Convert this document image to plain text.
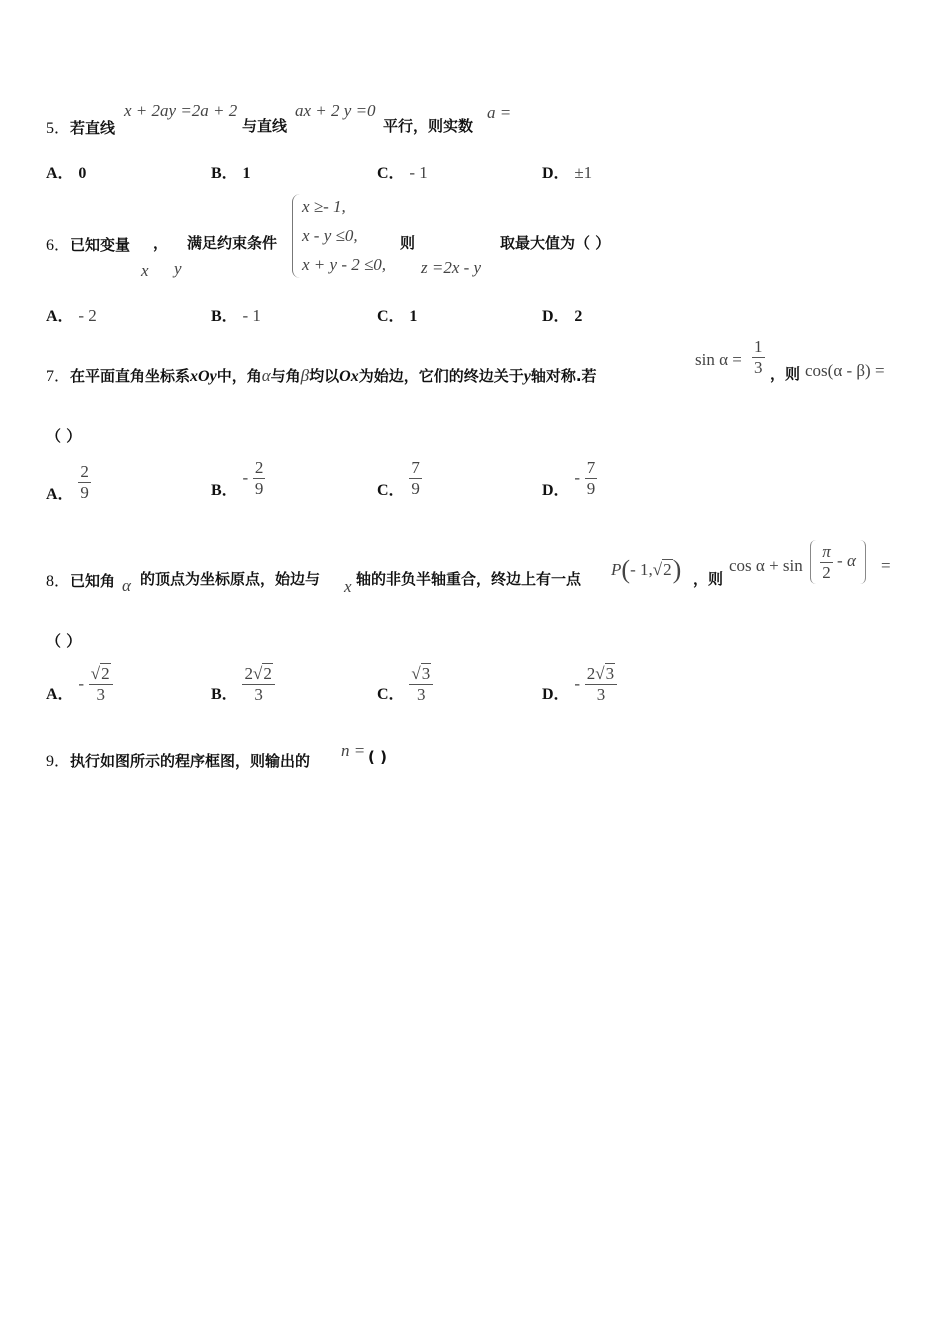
5．若直线
x + 2ay =2a + 2
与直线
ax + 2 y =0
平行，则实数
a =
A． 0	B． 1	C． - 1	D． ±1
6．已知变量 ， 满足约束条件
x y
x ≥- 1,
x - y ≤0,
x + y - 2 ≤0,
则
z =2x - y
取最大值为（ ）
A． - 2	B． - 1	C． 1	D． 2
7．在平面直角坐标系xOy中，角α与角β均以Ox为始边，它们的终边关于y轴对称.若
$\sin \alpha = \frac{1}{3}$ ，则 cos(α - β) =
（ ）
A． $\frac{2}{9}$	B． - $\frac{2}{9}$	C． $\frac{7}{9}$	D． - $\frac{7}{9}$
8．已知角 α 的顶点为坐标原点，始边与 x 轴的非负半轴重合，终边上有一点 P(- 1,√2) ，则
cos α + sin
$\frac{\pi}{2}$ - α	=
（ ）
A． - $\frac{√2}{3}$	B． $\frac{2√2}{3}$	C． $\frac{√3}{3}$	D． - $\frac{2√3}{3}$
9．执行如图所示的程序框图，则输出的
n = ( )
